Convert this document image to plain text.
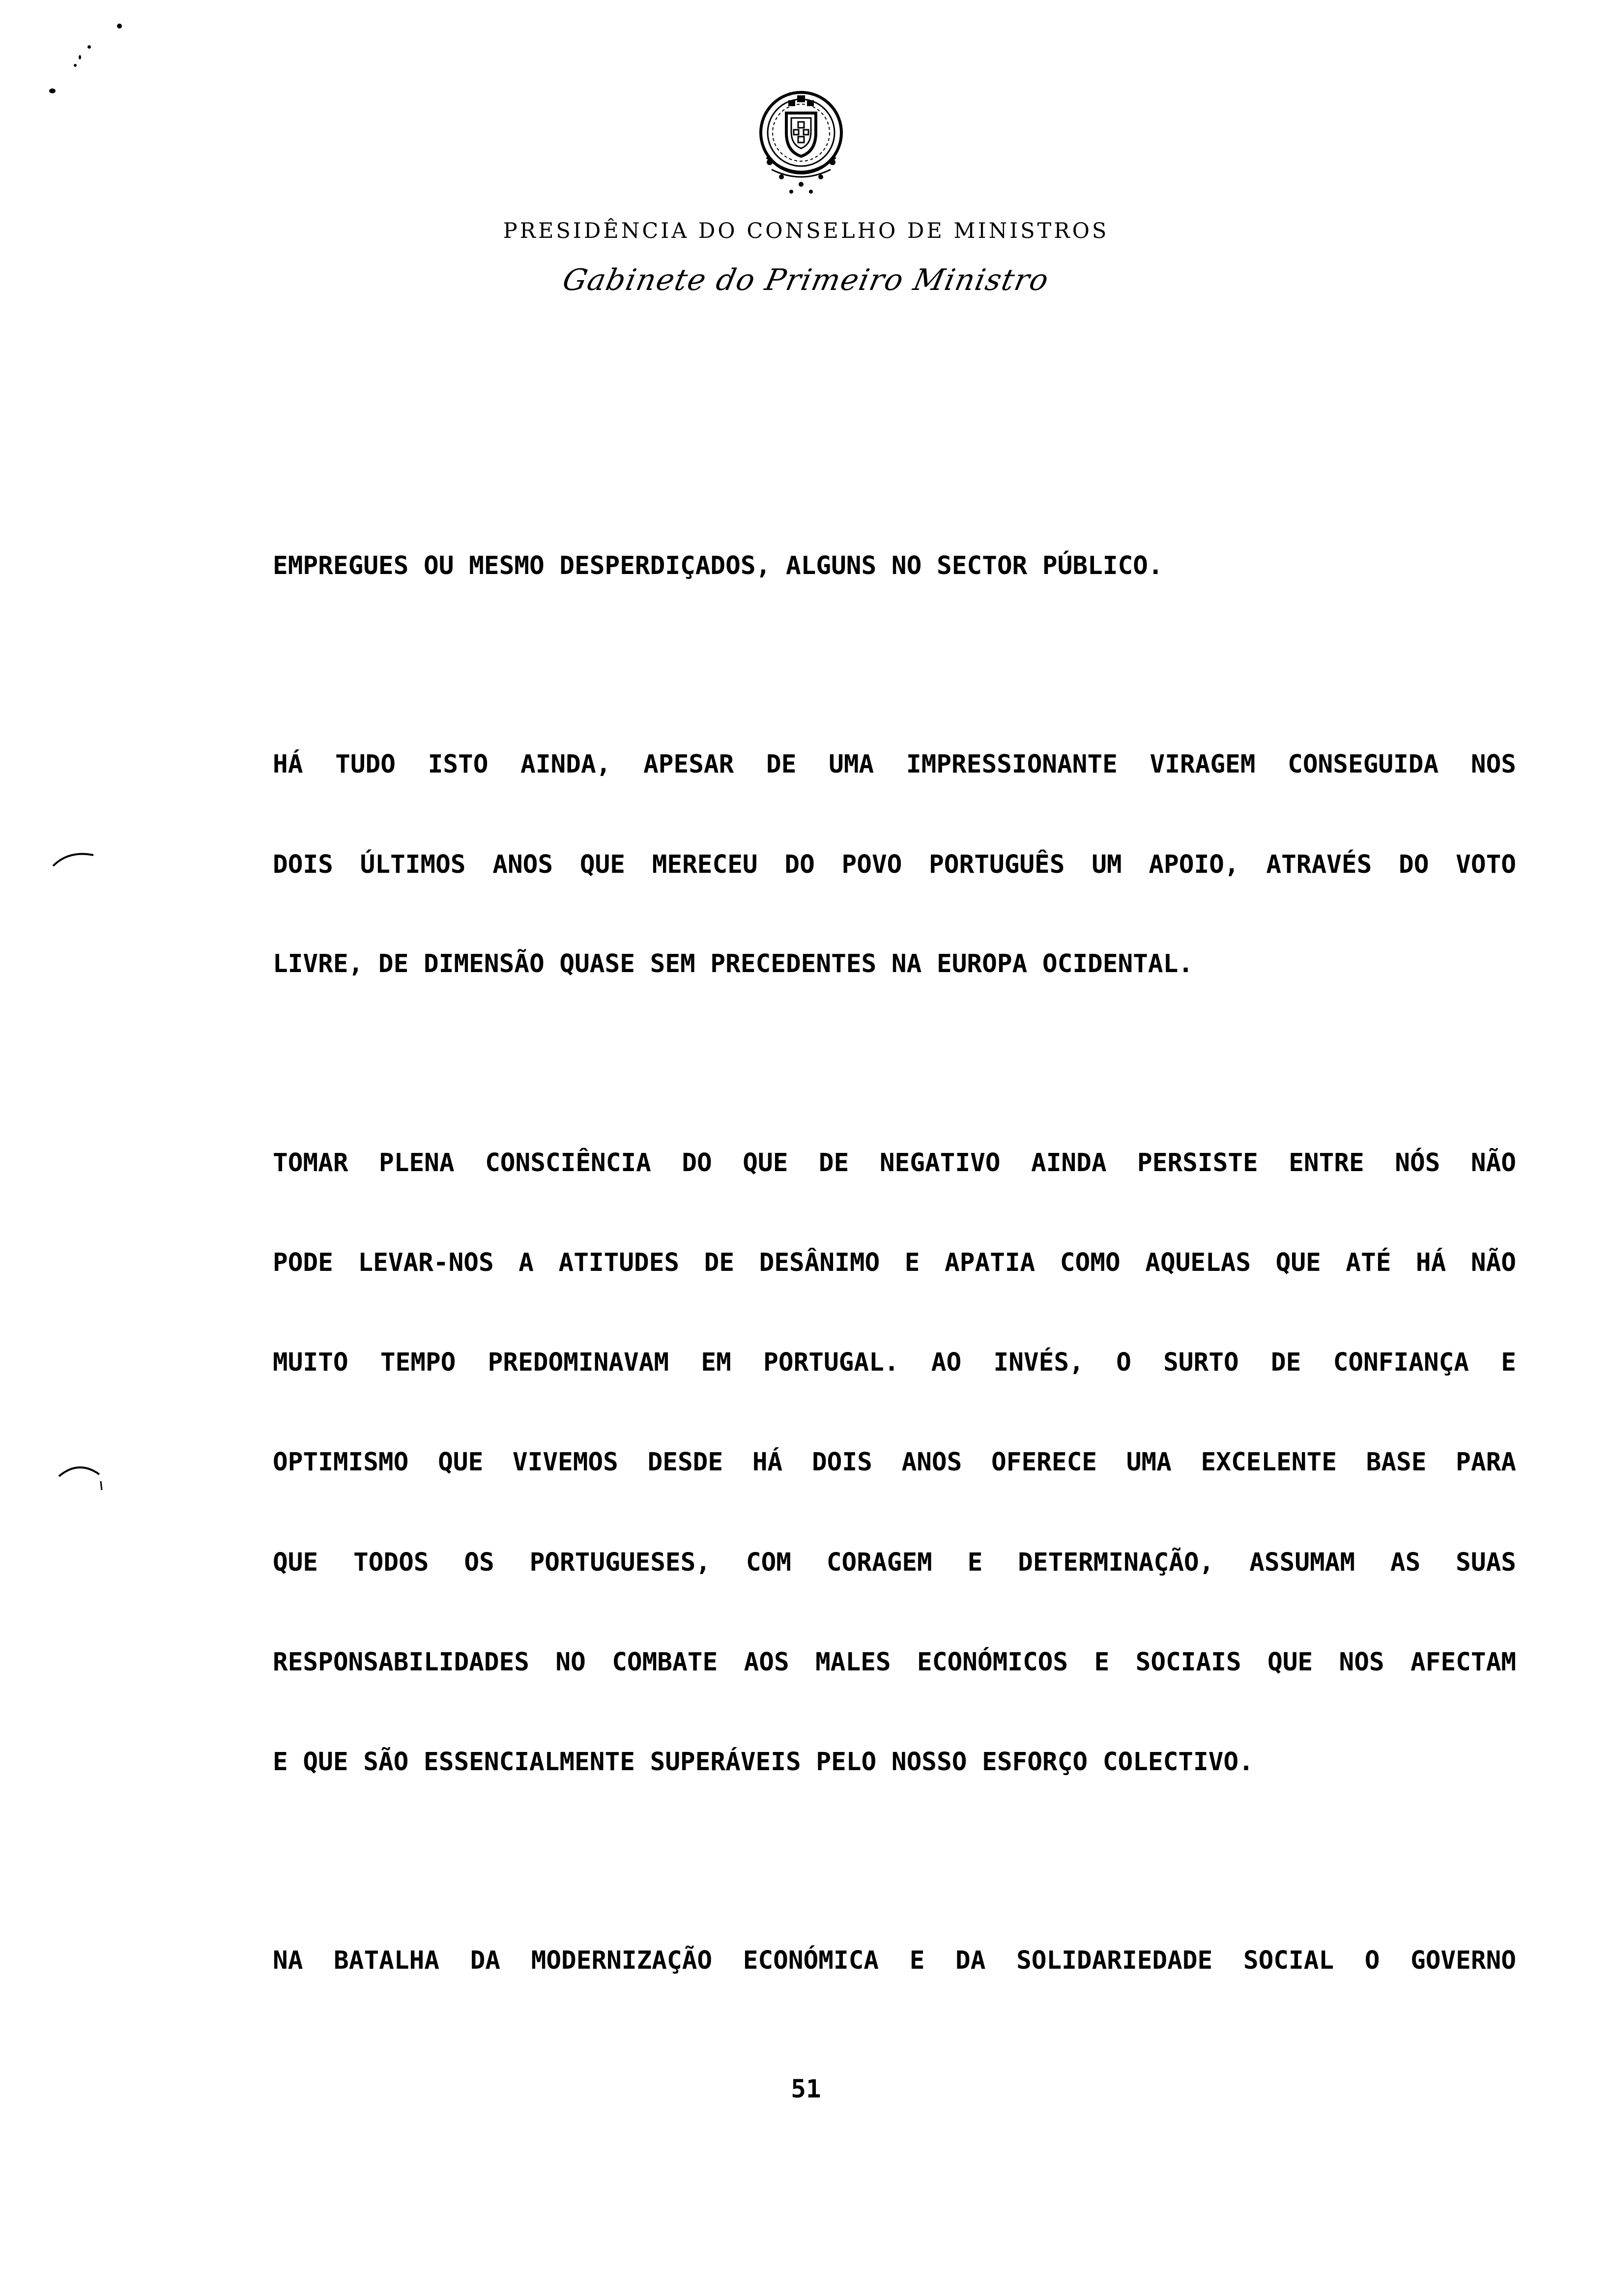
PRESIDÊNCIA DO CONSELHO DE MINISTROS
Gabinete do Primeiro Ministro
EMPREGUES OU MESMO DESPERDIÇADOS, ALGUNS NO SECTOR PÚBLICO.
HÁ TUDO ISTO AINDA, APESAR DE UMA IMPRESSIONANTE VIRAGEM CONSEGUIDA NOS
DOIS ÚLTIMOS ANOS QUE MERECEU DO POVO PORTUGUÊS UM APOIO, ATRAVÉS DO VOTO
LIVRE, DE DIMENSÃO QUASE SEM PRECEDENTES NA EUROPA OCIDENTAL.
TOMAR PLENA CONSCIÊNCIA DO QUE DE NEGATIVO AINDA PERSISTE ENTRE NÓS NÃO
PODE LEVAR-NOS A ATITUDES DE DESÂNIMO E APATIA COMO AQUELAS QUE ATÉ HÁ NÃO
MUITO TEMPO PREDOMINAVAM EM PORTUGAL. AO INVÉS, O SURTO DE CONFIANÇA E
OPTIMISMO QUE VIVEMOS DESDE HÁ DOIS ANOS OFERECE UMA EXCELENTE BASE PARA
QUE TODOS OS PORTUGUESES, COM CORAGEM E DETERMINAÇÃO, ASSUMAM AS SUAS
RESPONSABILIDADES NO COMBATE AOS MALES ECONÓMICOS E SOCIAIS QUE NOS AFECTAM
E QUE SÃO ESSENCIALMENTE SUPERÁVEIS PELO NOSSO ESFORÇO COLECTIVO.
NA BATALHA DA MODERNIZAÇÃO ECONÓMICA E DA SOLIDARIEDADE SOCIAL O GOVERNO
51
